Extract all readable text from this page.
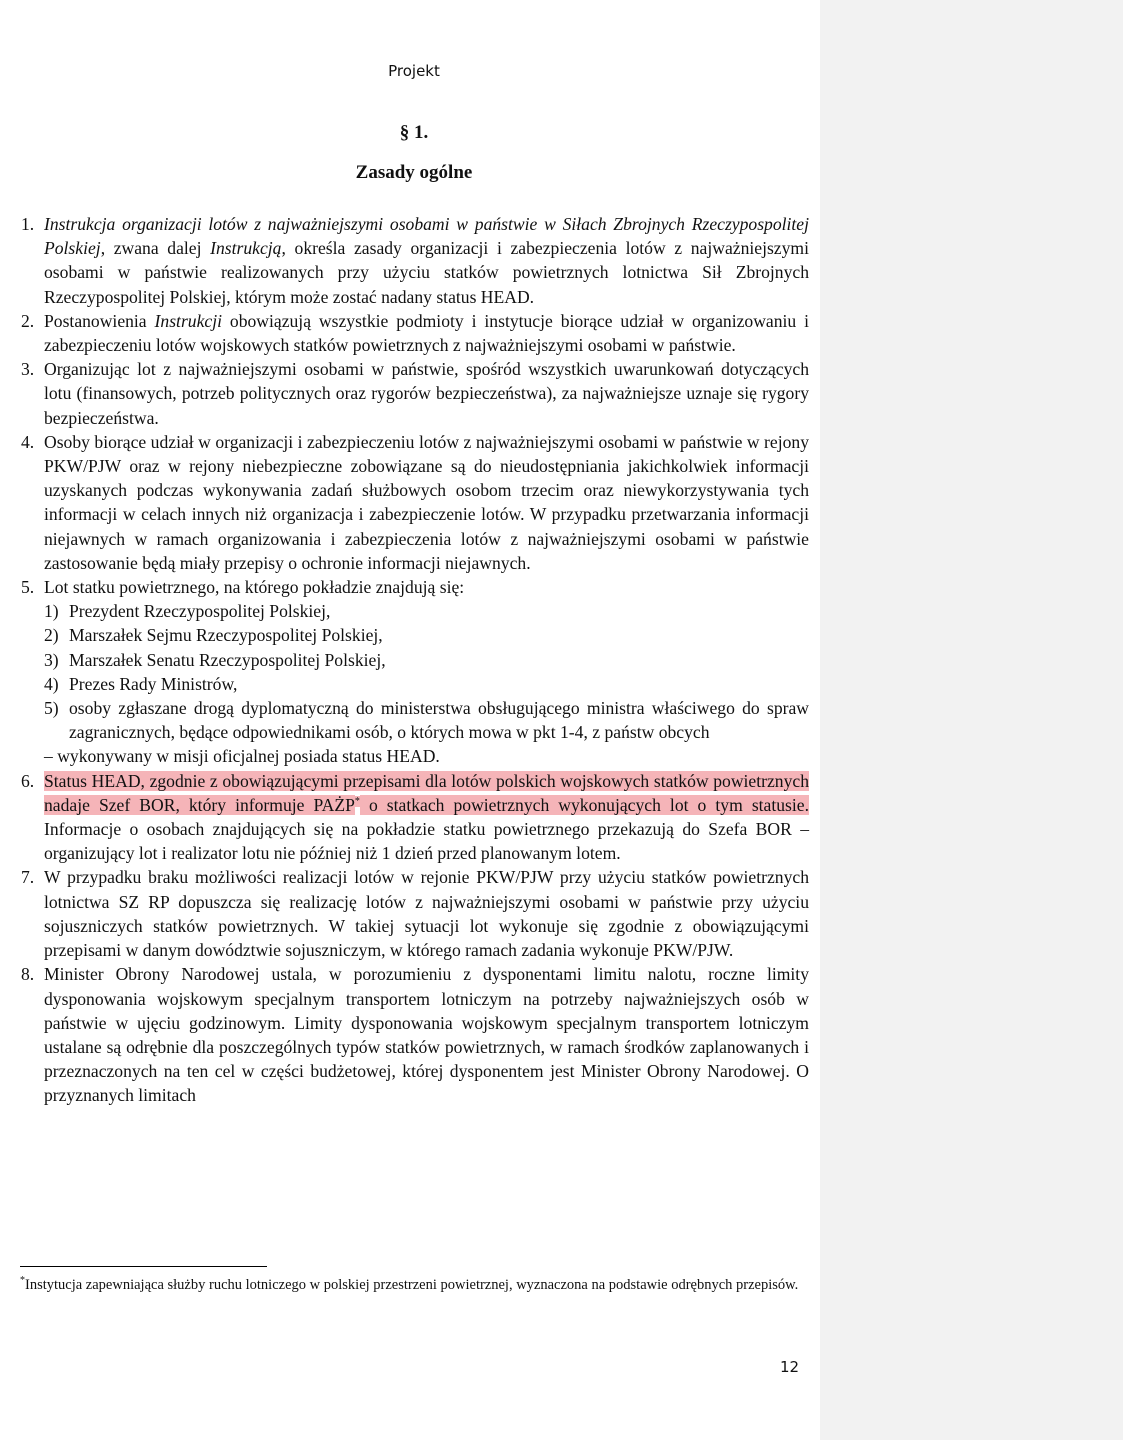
Projekt
§ 1.
Zasady ogólne
1. Instrukcja organizacji lotów z najważniejszymi osobami w państwie w Siłach Zbrojnych Rzeczypospolitej Polskiej, zwana dalej Instrukcją, określa zasady organizacji i zabezpieczenia lotów z najważniejszymi osobami w państwie realizowanych przy użyciu statków powietrznych lotnictwa Sił Zbrojnych Rzeczypospolitej Polskiej, którym może zostać nadany status HEAD.
2. Postanowienia Instrukcji obowiązują wszystkie podmioty i instytucje biorące udział w organizowaniu i zabezpieczeniu lotów wojskowych statków powietrznych z najważniejszymi osobami w państwie.
3. Organizując lot z najważniejszymi osobami w państwie, spośród wszystkich uwarunkowań dotyczących lotu (finansowych, potrzeb politycznych oraz rygorów bezpieczeństwa), za najważniejsze uznaje się rygory bezpieczeństwa.
4. Osoby biorące udział w organizacji i zabezpieczeniu lotów z najważniejszymi osobami w państwie w rejony PKW/PJW oraz w rejony niebezpieczne zobowiązane są do nieudostępniania jakichkolwiek informacji uzyskanych podczas wykonywania zadań służbowych osobom trzecim oraz niewykorzystywania tych informacji w celach innych niż organizacja i zabezpieczenie lotów. W przypadku przetwarzania informacji niejawnych w ramach organizowania i zabezpieczenia lotów z najważniejszymi osobami w państwie zastosowanie będą miały przepisy o ochronie informacji niejawnych.
5. Lot statku powietrznego, na którego pokładzie znajdują się:
1) Prezydent Rzeczypospolitej Polskiej,
2) Marszałek Sejmu Rzeczypospolitej Polskiej,
3) Marszałek Senatu Rzeczypospolitej Polskiej,
4) Prezes Rady Ministrów,
5) osoby zgłaszane drogą dyplomatyczną do ministerstwa obsługującego ministra właściwego do spraw zagranicznych, będące odpowiednikami osób, o których mowa w pkt 1-4, z państw obcych
– wykonywany w misji oficjalnej posiada status HEAD.
6. Status HEAD, zgodnie z obowiązującymi przepisami dla lotów polskich wojskowych statków powietrznych nadaje Szef BOR, który informuje PAŻP* o statkach powietrznych wykonujących lot o tym statusie. Informacje o osobach znajdujących się na pokładzie statku powietrznego przekazują do Szefa BOR – organizujący lot i realizator lotu nie później niż 1 dzień przed planowanym lotem.
7. W przypadku braku możliwości realizacji lotów w rejonie PKW/PJW przy użyciu statków powietrznych lotnictwa SZ RP dopuszcza się realizację lotów z najważniejszymi osobami w państwie przy użyciu sojuszniczych statków powietrznych. W takiej sytuacji lot wykonuje się zgodnie z obowiązującymi przepisami w danym dowództwie sojuszniczym, w którego ramach zadania wykonuje PKW/PJW.
8. Minister Obrony Narodowej ustala, w porozumieniu z dysponentami limitu nalotu, roczne limity dysponowania wojskowym specjalnym transportem lotniczym na potrzeby najważniejszych osób w państwie w ujęciu godzinowym. Limity dysponowania wojskowym specjalnym transportem lotniczym ustalane są odrębnie dla poszczególnych typów statków powietrznych, w ramach środków zaplanowanych i przeznaczonych na ten cel w części budżetowej, której dysponentem jest Minister Obrony Narodowej. O przyznanych limitach
*Instytucja zapewniająca służby ruchu lotniczego w polskiej przestrzeni powietrznej, wyznaczona na podstawie odrębnych przepisów.
12
